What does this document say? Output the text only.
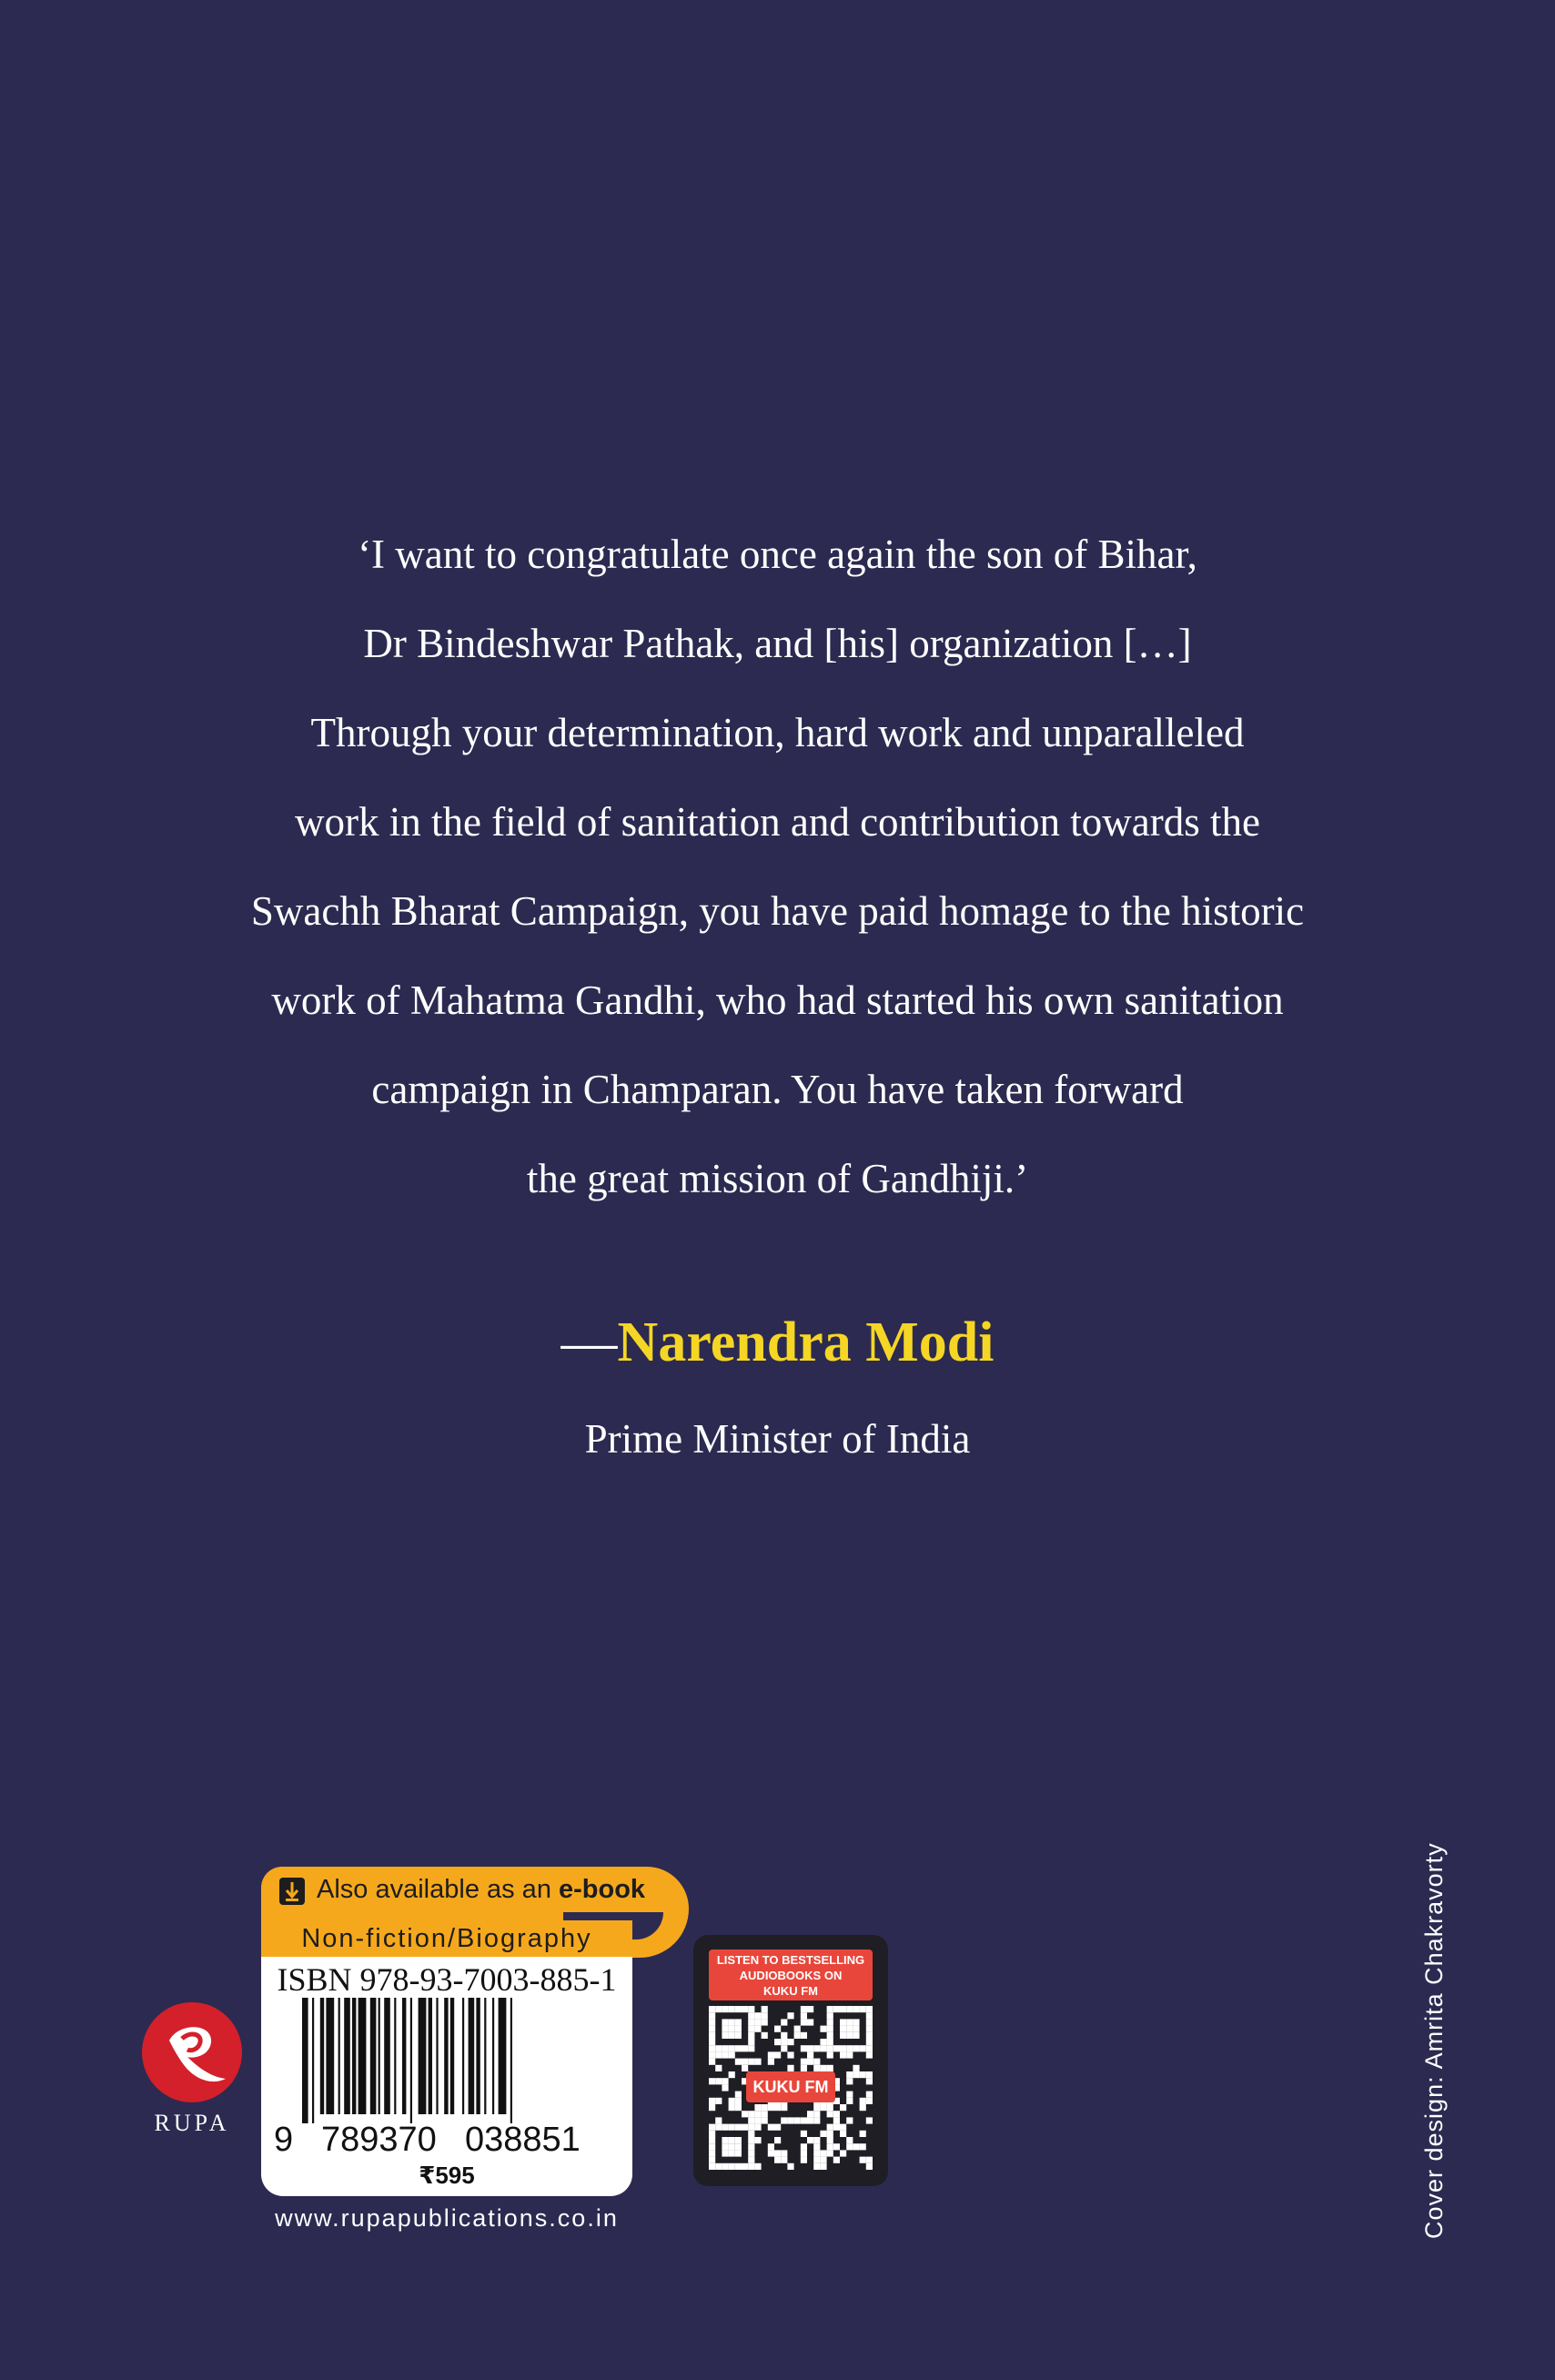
‘I want to congratulate once again the son of Bihar,
Dr Bindeshwar Pathak, and [his] organization […]
Through your determination, hard work and unparalleled
work in the field of sanitation and contribution towards the
Swachh Bharat Campaign, you have paid homage to the historic
work of Mahatma Gandhi, who had started his own sanitation
campaign in Champaran. You have taken forward
the great mission of Gandhiji.’
—Narendra Modi
Prime Minister of India
RUPA
Also available as an e-book
Non-fiction/Biography
ISBN 978-93-7003-885-1
9 789370 038851
₹595
www.rupapublications.co.in
LISTEN TO BESTSELLING
AUDIOBOOKS ON
KUKU FM
KUKU FM	Cover design: Amrita Chakravorty
